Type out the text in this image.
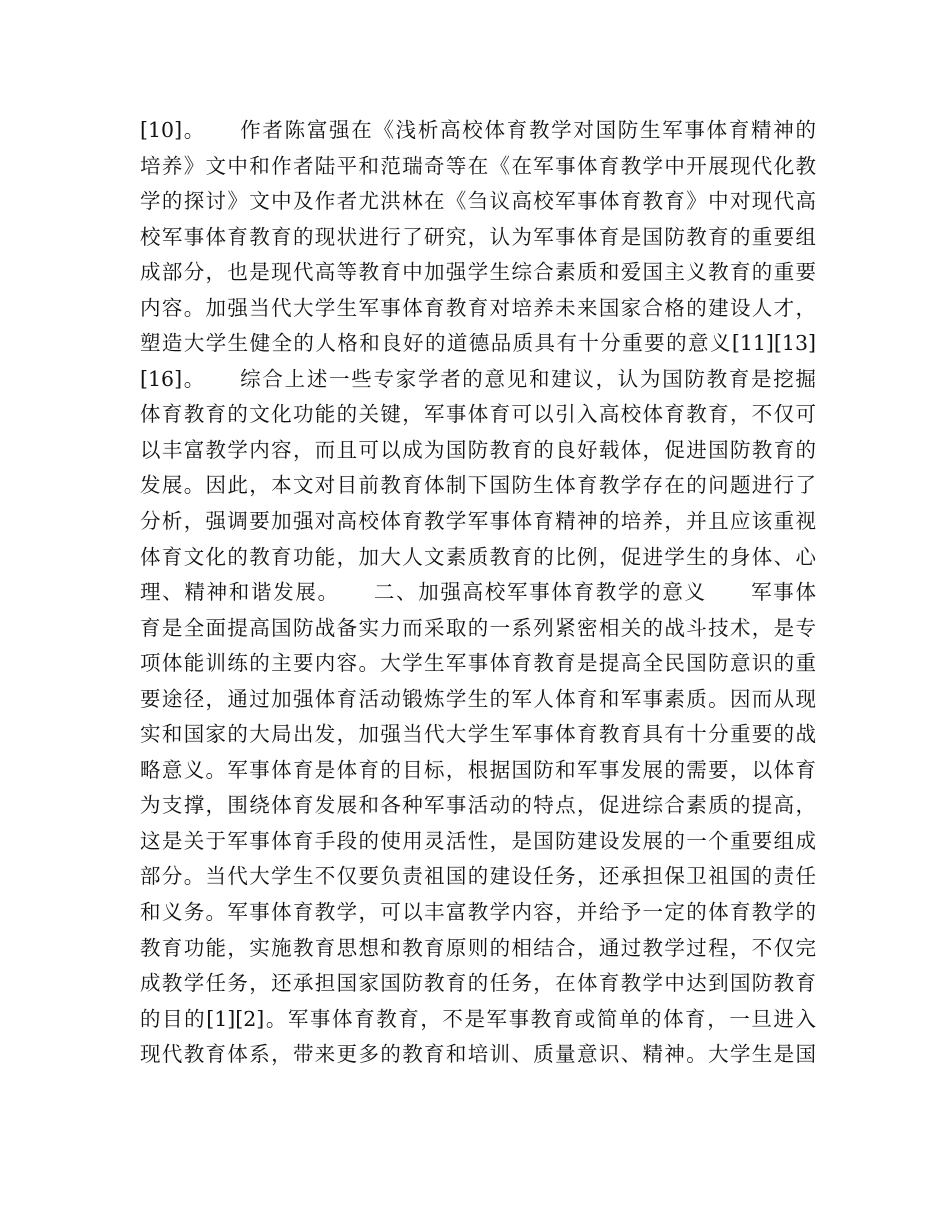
[10]。　　作者陈富强在《浅析高校体育教学对国防生军事体育精神的
培养》文中和作者陆平和范瑞奇等在《在军事体育教学中开展现代化教
学的探讨》文中及作者尤洪林在《刍议高校军事体育教育》中对现代高
校军事体育教育的现状进行了研究，认为军事体育是国防教育的重要组
成部分，也是现代高等教育中加强学生综合素质和爱国主义教育的重要
内容。加强当代大学生军事体育教育对培养未来国家合格的建设人才，
塑造大学生健全的人格和良好的道德品质具有十分重要的意义[11][13]
[16]。　　综合上述一些专家学者的意见和建议，认为国防教育是挖掘
体育教育的文化功能的关键，军事体育可以引入高校体育教育，不仅可
以丰富教学内容，而且可以成为国防教育的良好载体，促进国防教育的
发展。因此，本文对目前教育体制下国防生体育教学存在的问题进行了
分析，强调要加强对高校体育教学军事体育精神的培养，并且应该重视
体育文化的教育功能，加大人文素质教育的比例，促进学生的身体、心
理、精神和谐发展。　　二、加强高校军事体育教学的意义　　军事体
育是全面提高国防战备实力而采取的一系列紧密相关的战斗技术，是专
项体能训练的主要内容。大学生军事体育教育是提高全民国防意识的重
要途径，通过加强体育活动锻炼学生的军人体育和军事素质。因而从现
实和国家的大局出发，加强当代大学生军事体育教育具有十分重要的战
略意义。军事体育是体育的目标，根据国防和军事发展的需要，以体育
为支撑，围绕体育发展和各种军事活动的特点，促进综合素质的提高，
这是关于军事体育手段的使用灵活性，是国防建设发展的一个重要组成
部分。当代大学生不仅要负责祖国的建设任务，还承担保卫祖国的责任
和义务。军事体育教学，可以丰富教学内容，并给予一定的体育教学的
教育功能，实施教育思想和教育原则的相结合，通过教学过程，不仅完
成教学任务，还承担国家国防教育的任务，在体育教学中达到国防教育
的目的[1][2]。军事体育教育，不是军事教育或简单的体育，一旦进入
现代教育体系，带来更多的教育和培训、质量意识、精神。大学生是国
